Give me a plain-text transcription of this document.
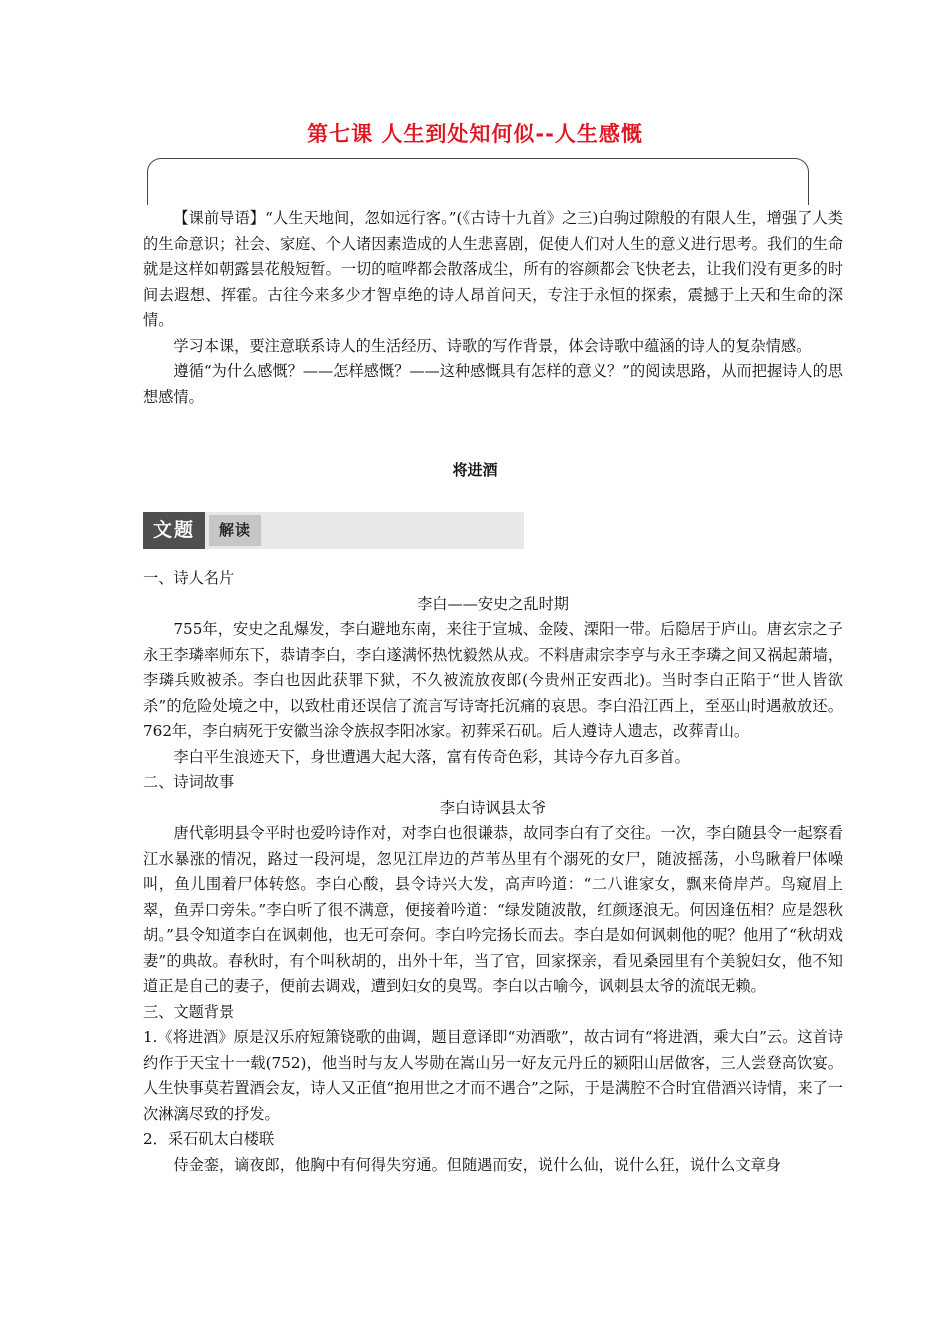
第七课 人生到处知何似--人生感慨

【课前导语】“人生天地间，忽如远行客。”(《古诗十九首》之三)白驹过隙般的有限人生，增强了人类的生命意识；社会、家庭、个人诸因素造成的人生悲喜剧，促使人们对人生的意义进行思考。我们的生命就是这样如朝露昙花般短暂。一切的喧哗都会散落成尘，所有的容颜都会飞快老去，让我们没有更多的时间去遐想、挥霍。古往今来多少才智卓绝的诗人昂首问天，专注于永恒的探索，震撼于上天和生命的深情。

学习本课，要注意联系诗人的生活经历、诗歌的写作背景，体会诗歌中蕴涵的诗人的复杂情感。

遵循“为什么感慨？——怎样感慨？——这种感慨具有怎样的意义？”的阅读思路，从而把握诗人的思想感情。

将进酒
文题	解读

一、诗人名片

李白——安史之乱时期

755年，安史之乱爆发，李白避地东南，来往于宣城、金陵、溧阳一带。后隐居于庐山。唐玄宗之子永王李璘率师东下，恭请李白，李白遂满怀热忱毅然从戎。不料唐肃宗李亨与永王李璘之间又祸起萧墙，李璘兵败被杀。李白也因此获罪下狱，不久被流放夜郎(今贵州正安西北)。当时李白正陷于“世人皆欲杀”的危险处境之中，以致杜甫还误信了流言写诗寄托沉痛的哀思。李白沿江西上，至巫山时遇赦放还。762年，李白病死于安徽当涂令族叔李阳冰家。初葬采石矶。后人遵诗人遗志，改葬青山。

李白平生浪迹天下，身世遭遇大起大落，富有传奇色彩，其诗今存九百多首。

二、诗词故事

李白诗讽县太爷

唐代彰明县令平时也爱吟诗作对，对李白也很谦恭，故同李白有了交往。一次，李白随县令一起察看江水暴涨的情况，路过一段河堤，忽见江岸边的芦苇丛里有个溺死的女尸，随波摇荡，小鸟瞅着尸体噪叫，鱼儿围着尸体转悠。李白心酸，县令诗兴大发，高声吟道：“二八谁家女，飘来倚岸芦。鸟窥眉上翠，鱼弄口旁朱。”李白听了很不满意，便接着吟道：“绿发随波散，红颜逐浪无。何因逢伍相？应是怨秋胡。”县令知道李白在讽刺他，也无可奈何。李白吟完扬长而去。李白是如何讽刺他的呢？他用了“秋胡戏妻”的典故。春秋时，有个叫秋胡的，出外十年，当了官，回家探亲，看见桑园里有个美貌妇女，他不知道正是自己的妻子，便前去调戏，遭到妇女的臭骂。李白以古喻今，讽刺县太爷的流氓无赖。

三、文题背景

1.《将进酒》原是汉乐府短箫铙歌的曲调，题目意译即“劝酒歌”，故古词有“将进酒，乘大白”云。这首诗约作于天宝十一载(752)，他当时与友人岑勋在嵩山另一好友元丹丘的颍阳山居做客，三人尝登高饮宴。人生快事莫若置酒会友，诗人又正值“抱用世之才而不遇合”之际，于是满腔不合时宜借酒兴诗情，来了一次淋漓尽致的抒发。

2．采石矶太白楼联

侍金銮，谪夜郎，他胸中有何得失穷通。但随遇而安，说什么仙，说什么狂，说什么文章身
